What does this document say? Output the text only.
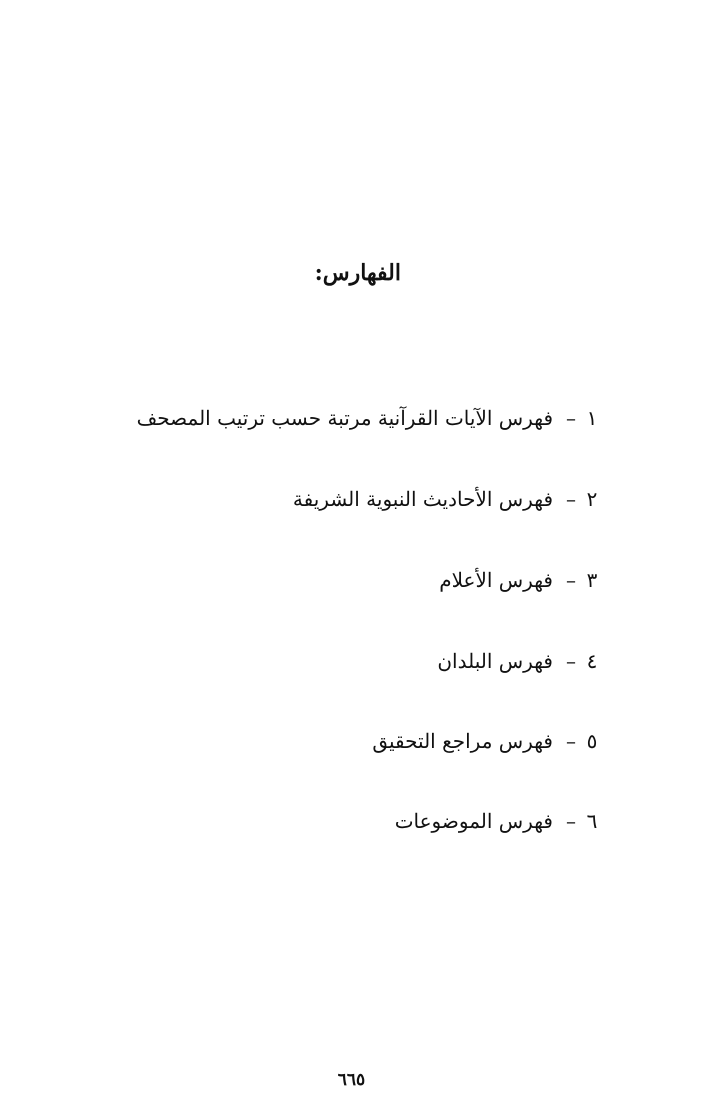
الفهارس:
١
–
فهرس الآيات القرآنية مرتبة حسب ترتيب المصحف
٢
–
فهرس الأحاديث النبوية الشريفة
٣
–
فهرس الأعلام
٤
–
فهرس البلدان
٥
–
فهرس مراجع التحقيق
٦
–
فهرس الموضوعات
٦٦٥
